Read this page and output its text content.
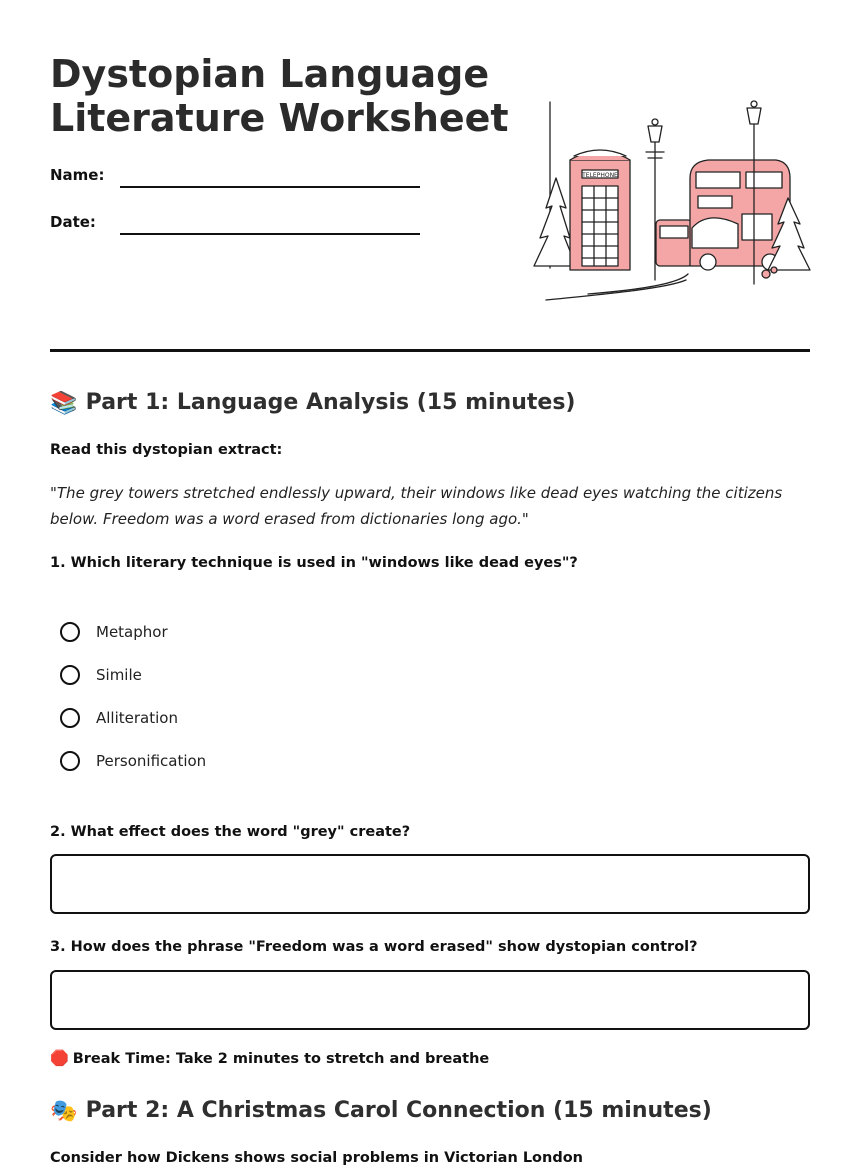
Dystopian Language
Literature Worksheet
Name:
Date:
TELEPHONE
📚 Part 1: Language Analysis (15 minutes)
Read this dystopian extract:
"The grey towers stretched endlessly upward, their windows like dead eyes watching the citizens below. Freedom was a word erased from dictionaries long ago."
1. Which literary technique is used in "windows like dead eyes"?
Metaphor
Simile
Alliteration
Personification
2. What effect does the word "grey" create?
3. How does the phrase "Freedom was a word erased" show dystopian control?
🛑 Break Time: Take 2 minutes to stretch and breathe
🎭 Part 2: A Christmas Carol Connection (15 minutes)
Consider how Dickens shows social problems in Victorian London
